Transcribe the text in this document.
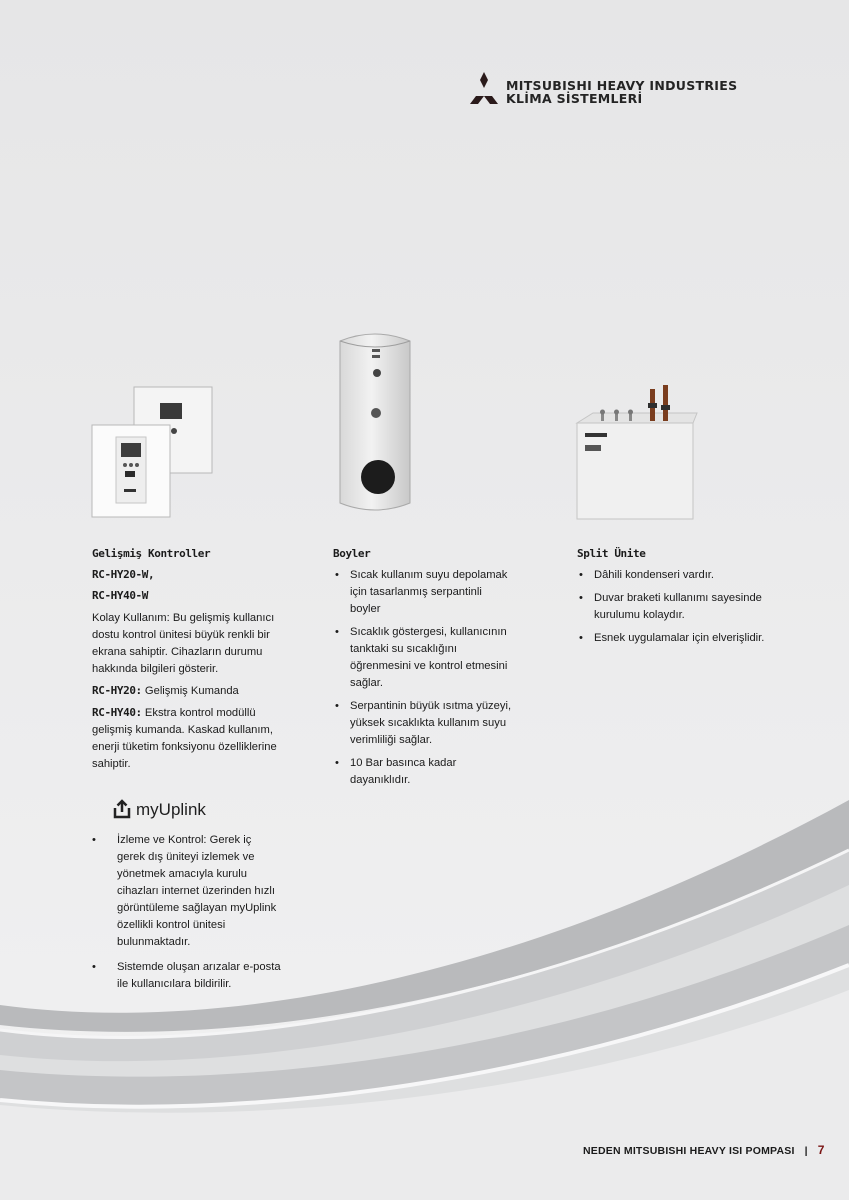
MITSUBISHI HEAVY INDUSTRIES
KLİMA SİSTEMLERİ
Gelişmiş Kontroller
RC-HY20-W,
RC-HY40-W

Kolay Kullanım: Bu gelişmiş kullanıcı dostu kontrol ünitesi büyük renkli bir ekrana sahiptir. Cihazların durumu hakkında bilgileri gösterir.

RC-HY20: Gelişmiş Kumanda

RC-HY40: Ekstra kontrol modüllü gelişmiş kumanda. Kaskad kullanım, enerji tüketim fonksiyonu özelliklerine sahiptir.

myUplink
• İzleme ve Kontrol: Gerek iç gerek dış üniteyi izlemek ve yönetmek amacıyla kurulu cihazları internet üzerinden hızlı görüntüleme sağlayan myUplink özellikli kontrol ünitesi bulunmaktadır.
• Sistemde oluşan arızalar e-posta ile kullanıcılara bildirilir.
Boyler
• Sıcak kullanım suyu depolamak için tasarlanmış serpantinli boyler
• Sıcaklık göstergesi, kullanıcının tanktaki su sıcaklığını öğrenmesini ve kontrol etmesini sağlar.
• Serpantinin büyük ısıtma yüzeyi, yüksek sıcaklıkta kullanım suyu verimliliği sağlar.
• 10 Bar basınca kadar dayanıklıdır.
Split Ünite
• Dâhili kondenseri vardır.
• Duvar braketi kullanımı sayesinde kurulumu kolaydır.
• Esnek uygulamalar için elverişlidir.
NEDEN MITSUBISHI HEAVY ISI POMPASI | 7
